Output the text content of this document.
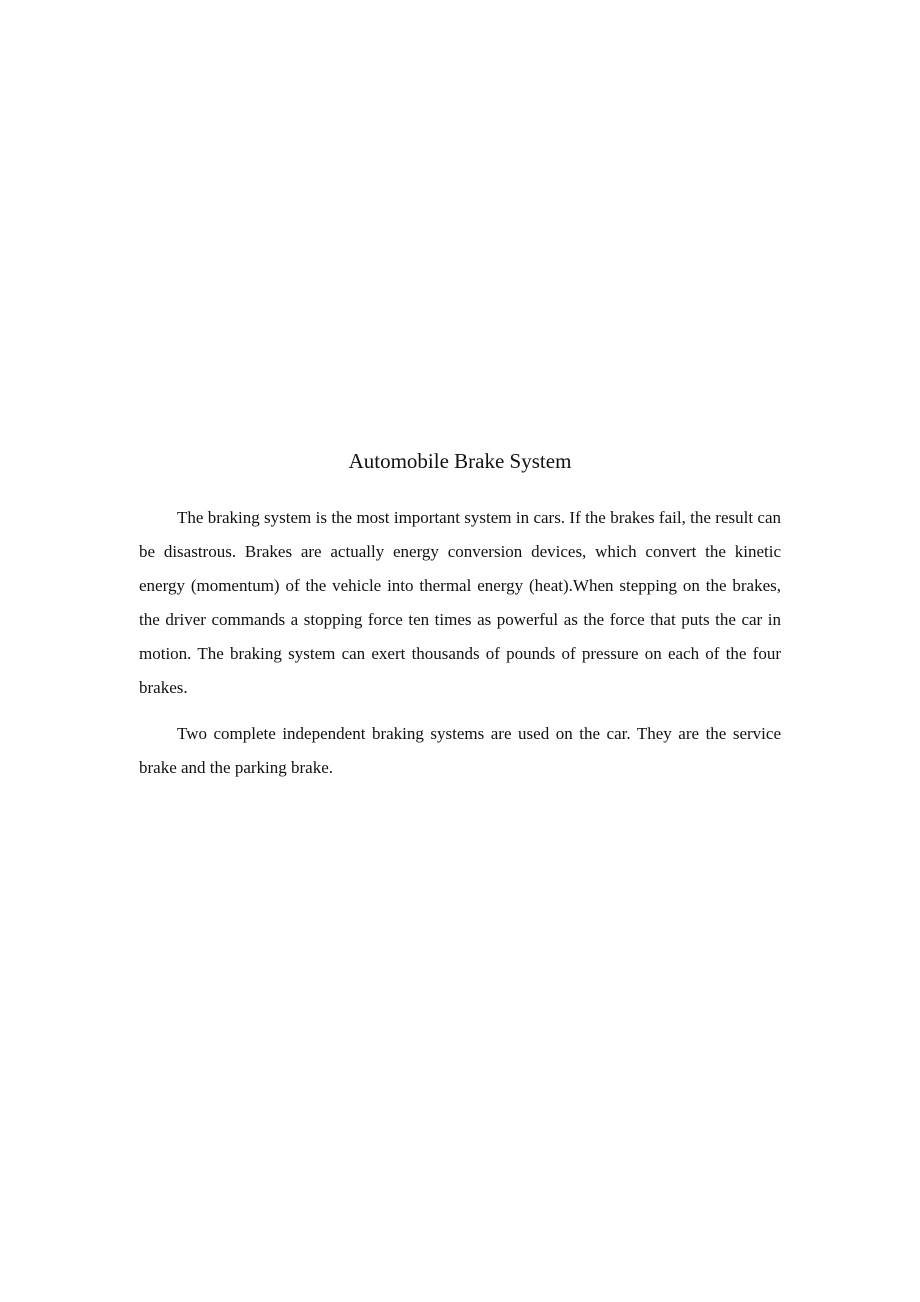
Automobile Brake System

The braking system is the most important system in cars. If the brakes fail, the result can be disastrous. Brakes are actually energy conversion devices, which convert the kinetic energy (momentum) of the vehicle into thermal energy (heat).When stepping on the brakes, the driver commands a stopping force ten times as powerful as the force that puts the car in motion. The braking system can exert thousands of pounds of pressure on each of the four brakes.

Two complete independent braking systems are used on the car. They are the service brake and the parking brake.
